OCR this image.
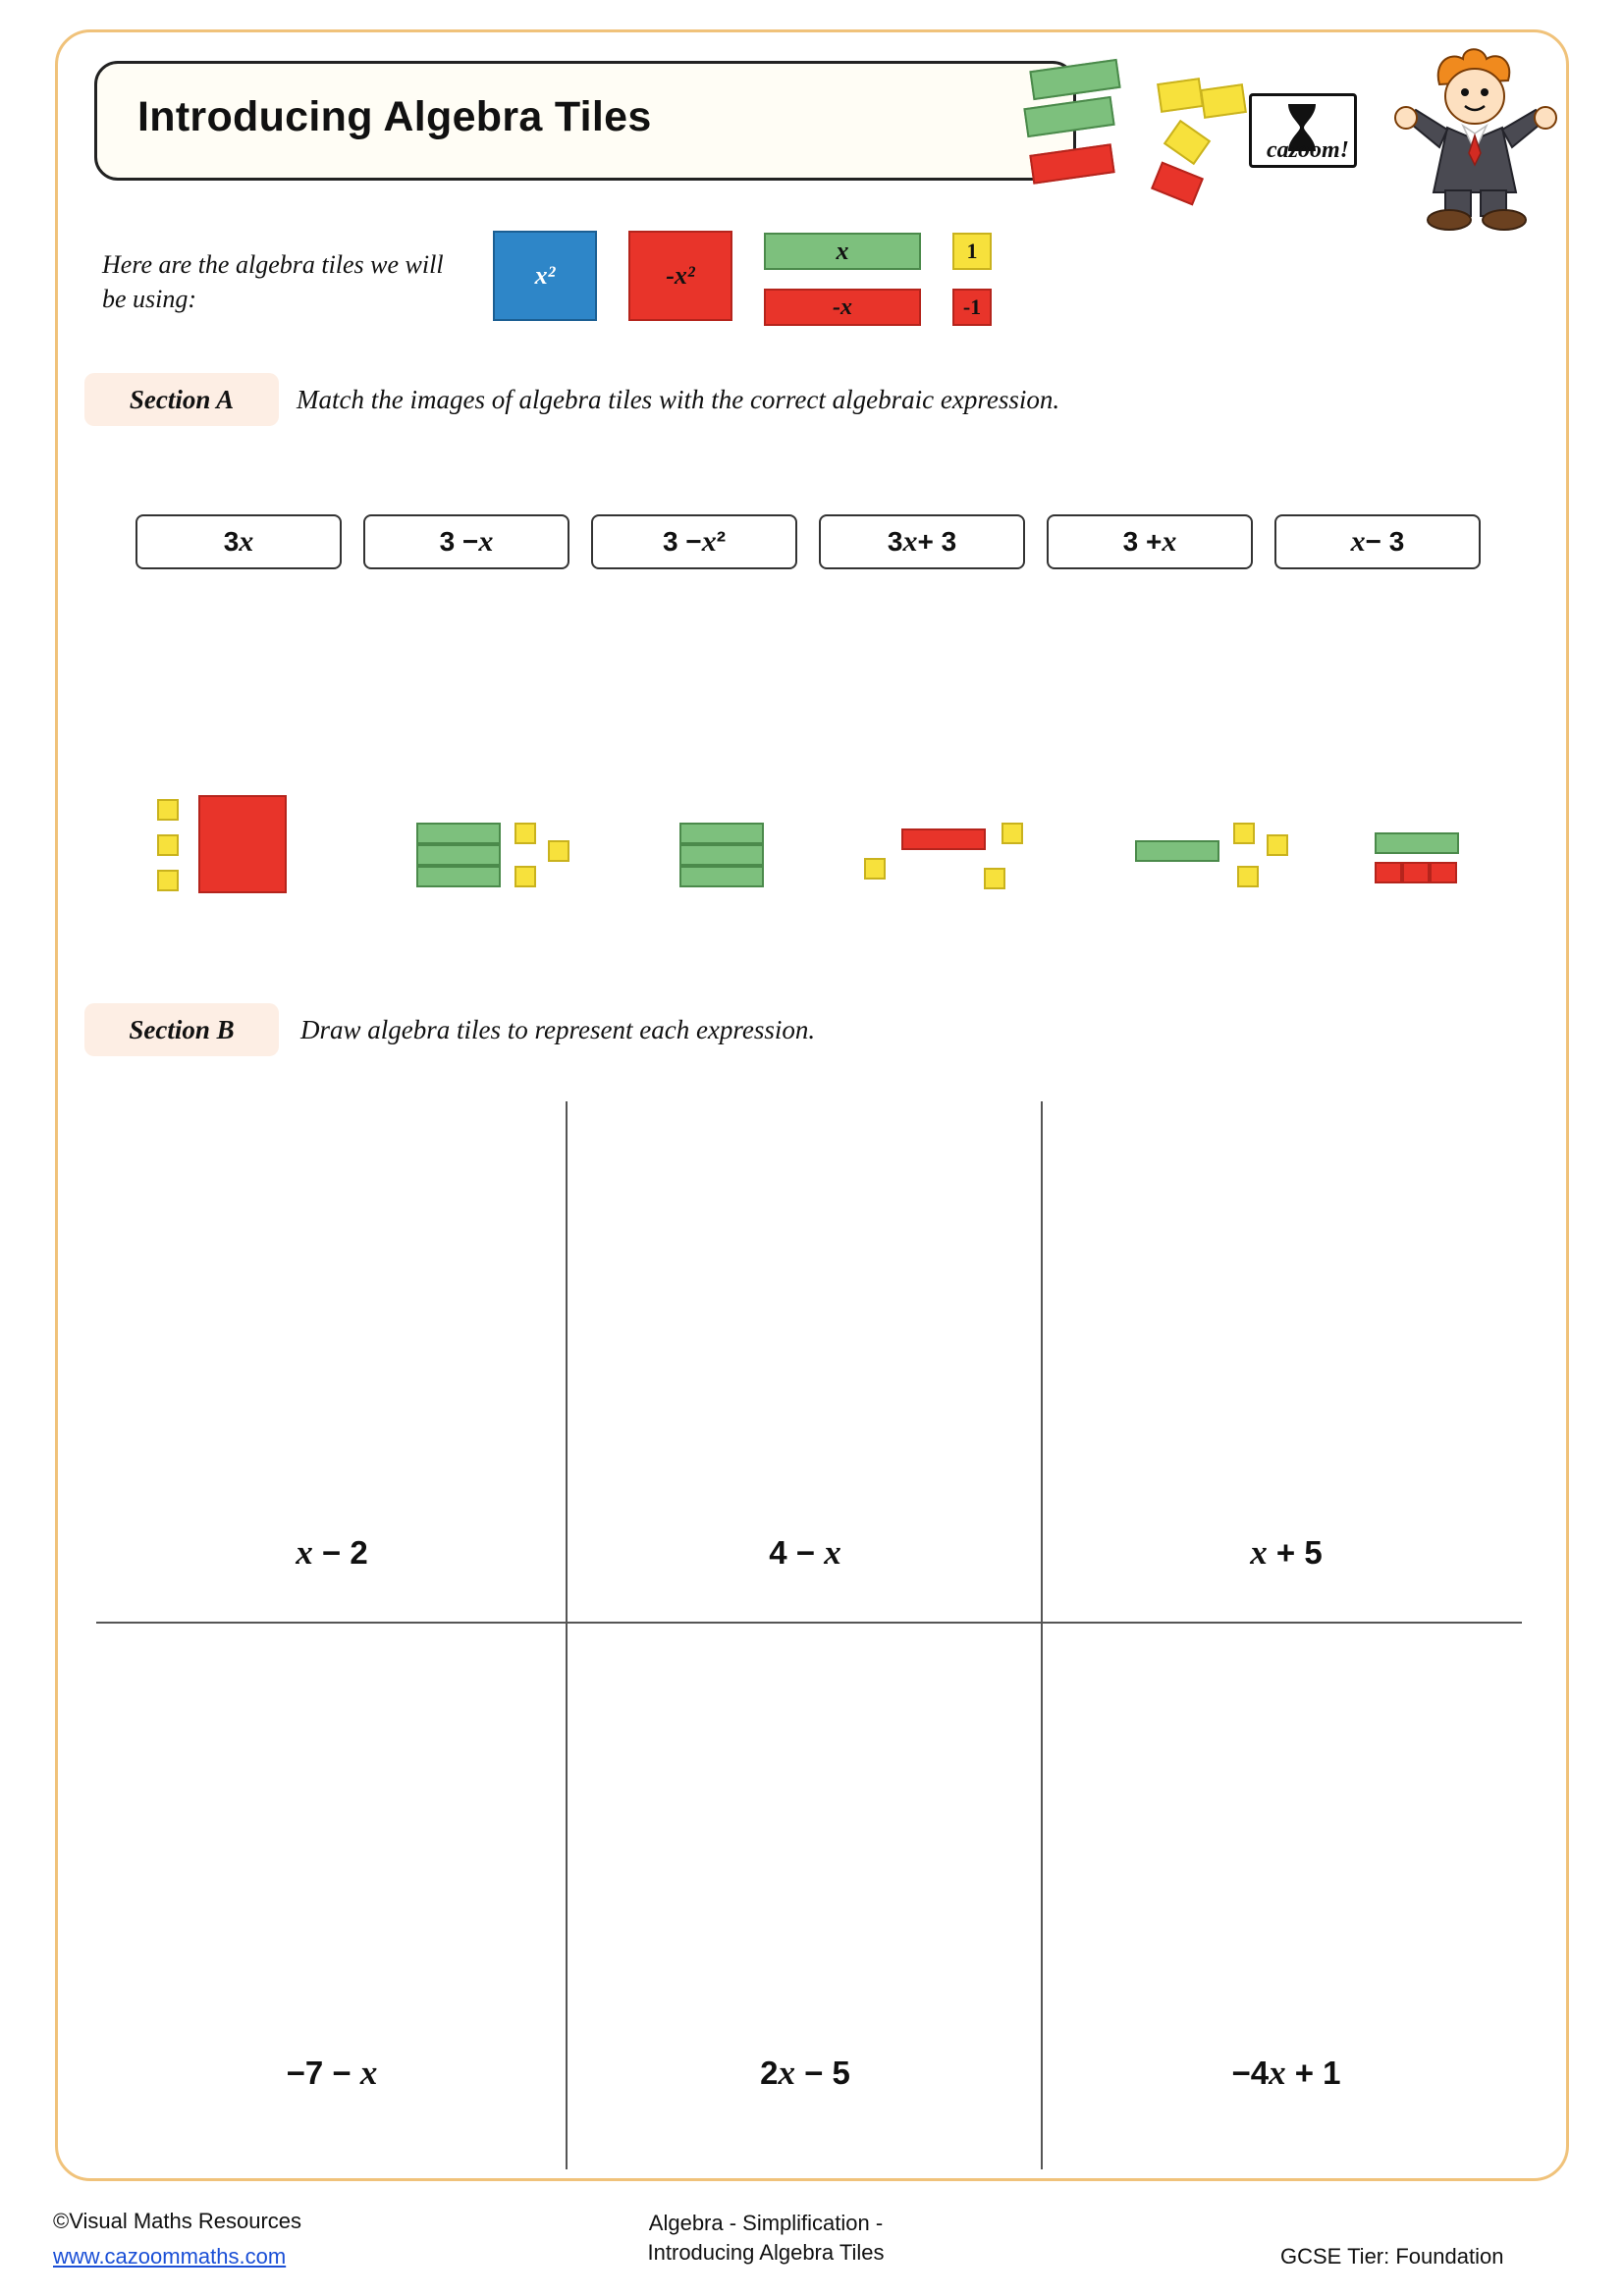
Introducing Algebra Tiles
cazoom!
Here are the algebra tiles we will be using:
x²	-x²
x
-x
1
-1
Section A Match the images of algebra tiles with the correct algebraic expression.
3 x	3 − x	3 − x ²	3 x + 3	3 + x	x − 3
Section B Draw algebra tiles to represent each expression.
x − 2	4 − x	x + 5
−7 − x	2x − 5	−4x + 1
©Visual Maths Resources
www.cazoommaths.com
Algebra - Simplification -
Introducing Algebra Tiles	GCSE Tier: Foundation
